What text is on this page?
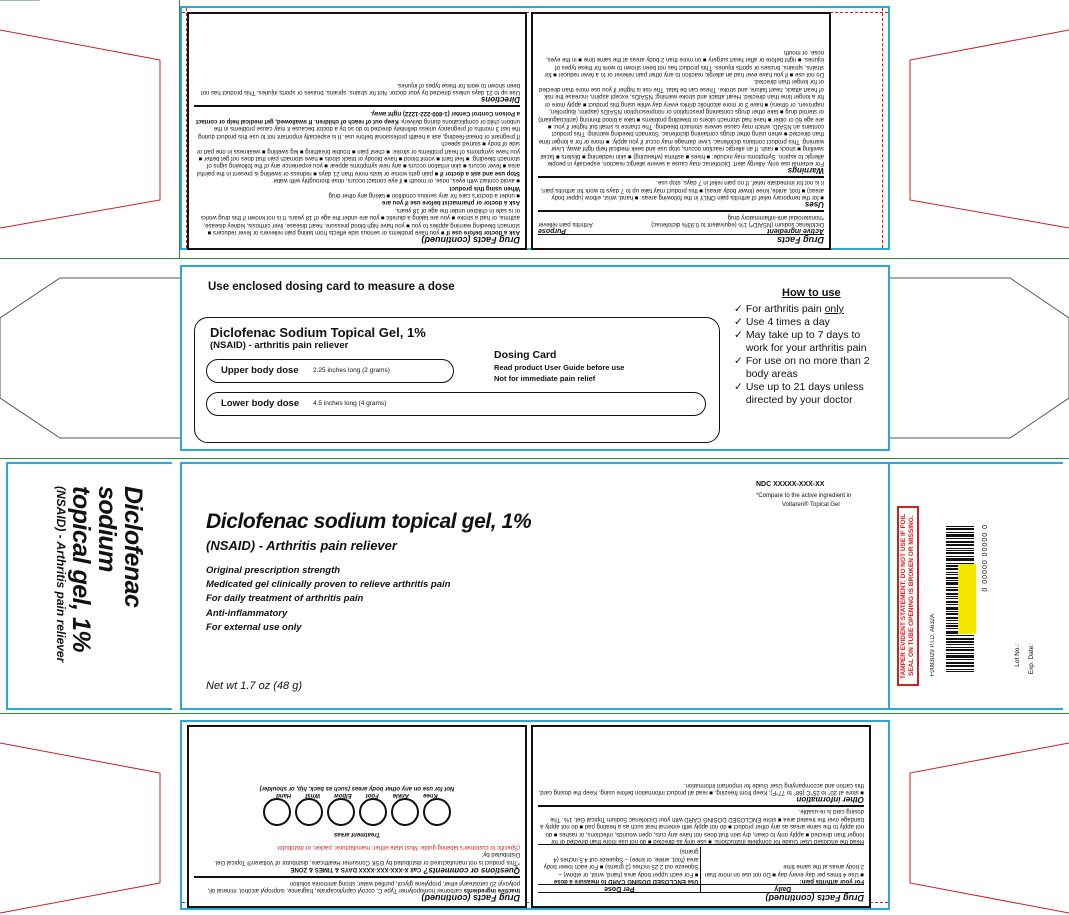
Drug Facts (continued)
Ask a doctor before use if ■ you have problems or serious side effects from taking pain relievers or fever reducers ■ stomach bleeding warning applies to you ■ you have high blood pressure, heart disease, liver cirrhosis, kidney disease, asthma, or had a stroke ■ you are taking a diuretic ■ you are under the age of 18 years. It is not known if this drug works or is safe in children under the age of 18 years.
Ask a doctor or pharmacist before use if you are
■ under a doctor's care for any serious condition ■ taking any other drug
When using this product
■ avoid contact with eyes, nose, or mouth ■ if eye contact occurs, rinse thoroughly with water
Stop use and ask a doctor if ■ pain gets worse or lasts more than 21 days ■ redness or swelling is present in the painful area ■ fever occurs ■ skin irritation occurs ■ any new symptoms appear ■ you experience any of the following signs of stomach bleeding: ■ feel faint ■ vomit blood ■ have bloody or black stools ■ have stomach pain that does not get better ■ you have symptoms of heart problems or stroke: ■ chest pain ■ trouble breathing ■ leg swelling ■ weakness in one part or side of body ■ slurred speech
If pregnant or breast-feeding, ask a health professional before use. It is especially important not to use this product during the last 3 months of pregnancy unless definitely directed to do so by a doctor because it may cause problems in the unborn child or complications during delivery. Keep out of reach of children. If swallowed, get medical help or contact a Poison Control Center (1-800-222-1222) right away.
Directions
Use up to 21 days unless directed by your doctor. Not for strains, sprains, bruises or sports injuries. This product has not been shown to work for these types of injuries.
Drug Facts
Active ingredient
Purpose
Diclofenac sodium (NSAID*) 1% (equivalent to 0.93% diclofenac)
Arthritis pain reliever
*nonsteroidal anti-inflammatory drug
Uses
■ for the temporary relief of arthritis pain ONLY in the following areas: ■ hand, wrist, elbow (upper body areas) ■ foot, ankle, knee (lower body areas) ■ this product may take up to 7 days to work for arthritis pain; it is not for immediate relief. If no pain relief in 7 days, stop use.
Warnings
For external use only. Allergy alert: Diclofenac may cause a severe allergic reaction, especially in people allergic to aspirin. Symptoms may include: ■ hives ■ asthma (wheezing) ■ skin reddening ■ blisters ■ facial swelling ■ shock ■ rash. If an allergic reaction occurs, stop use and seek medical help right away. Liver warning: This product contains diclofenac. Liver damage may occur if you apply: ■ more or for a longer time than directed ■ when using other drugs containing diclofenac. Stomach bleeding warning: This product contains an NSAID, which may cause severe stomach bleeding. The chance is small but higher if you: ■ are age 60 or older ■ have had stomach ulcers or bleeding problems ■ take a blood thinning (anticoagulant) or steroid drug ■ take other drugs containing prescription or nonprescription NSAIDs (aspirin, ibuprofen, naproxen, or others) ■ have 3 or more alcoholic drinks every day while using this product ■ apply more or for a longer time than directed. Heart attack and stroke warning: NSAIDs, except aspirin, increase the risk of heart attack, heart failure, and stroke. These can be fatal. The risk is higher if you use more than directed or for longer than directed.
Do not use ■ if you have ever had an allergic reaction to any other pain reliever or to a fever reducer ■ for strains, sprains, bruises or sports injuries. This product has not been shown to work for these types of injuries. ■ right before or after heart surgery ■ on more than 2 body areas at the same time ■ in the eyes, nose, or mouth
Use enclosed dosing card to measure a dose
Diclofenac Sodium Topical Gel, 1%
(NSAID) - arthritis pain reliever
Upper body dose 2.25 inches long (2 grams)
Lower body dose 4.5 inches long (4 grams)
Dosing Card
Read product User Guide before use
Not for immediate pain relief
How to use
✓ For arthritis pain only
✓ Use 4 times a day
✓ May take up to 7 days to work for your arthritis pain
✓ For use on no more than 2 body areas
✓ Use up to 21 days unless directed by your doctor
Diclofenac sodium
topical gel, 1%
(NSAID) - Arthritis pain reliever	Diclofenac sodium topical gel, 1%
(NSAID) - Arthritis pain reliever
Original prescription strength
Medicated gel clinically proven to relieve arthritis pain
For daily treatment of arthritis pain
Anti-inflammatory
For external use only
Net wt 1.7 oz (48 g)
NDC XXXXX-XXX-XX
*Compare to the active ingredient in
Voltaren® Topical Gel
TAMPER EVIDENT STATEMENT: DO NOT USE IF FOIL SEAL ON TUBE OPENING IS BROKEN OR MISSING.	F0083029 P.I.D. A632A
0 00000 00000 0
Lot No.: Exp. Date:
Drug Facts (continued)
Inactive ingredients carbomer homopolymer Type C, cocoyl caprylocaprate, fragrance, isopropyl alcohol, mineral oil, polyoxyl 20 cetostearyl ether, propylene glycol, purified water, strong ammonia solution
Questions or comments? Call X-XXX-XXX-XXXX DAYS & TIMES & ZONE
*This product is not manufactured or distributed by GSK Consumer Healthcare, distributor of Voltaren® Topical Gel.
Distributed by:
(Specific to customer's labeling guide. Must state either: manufacturer, packer, or distributor.
Treatment areas
Knee
Ankle
Foot
Elbow
Wrist
Hand
Not for use on any other body areas (such as back, hip, or shoulder)
Drug Facts (continued)
Daily
Per Dose
For your arthritis pain:
■ Use 4 times per day every day ■ Do not use on more than 2 body areas at the same time
Use ENCLOSED DOSING CARD to measure a dose
■ For each upper body area (hand, wrist, or elbow) – Squeeze out 2.25 inches (2 grams) ■ For each lower body area (foot, ankle, or knee) – Squeeze out 4.5 inches (4 grams)
Read the enclosed User Guide for complete instructions: ■ use only as directed ■ do not use more than directed or for longer than directed ■ apply only to clean, dry skin that does not have any cuts, open wounds, infections, or rashes ■ do not apply to the same areas as any other product ■ do not apply with external heat such as a heating pad ■ do not apply a bandage over the treated area ■ store ENCLOSED DOSING CARD with your Diclofenac Sodium Topical Gel, 1%. The dosing card is re-usable.
Other information
■ store at 20° to 25°C (68° to 77°F). Keep from freezing. ■ read all product information before using. Keep the dosing card, this carton and accompanying User Guide for important information.
